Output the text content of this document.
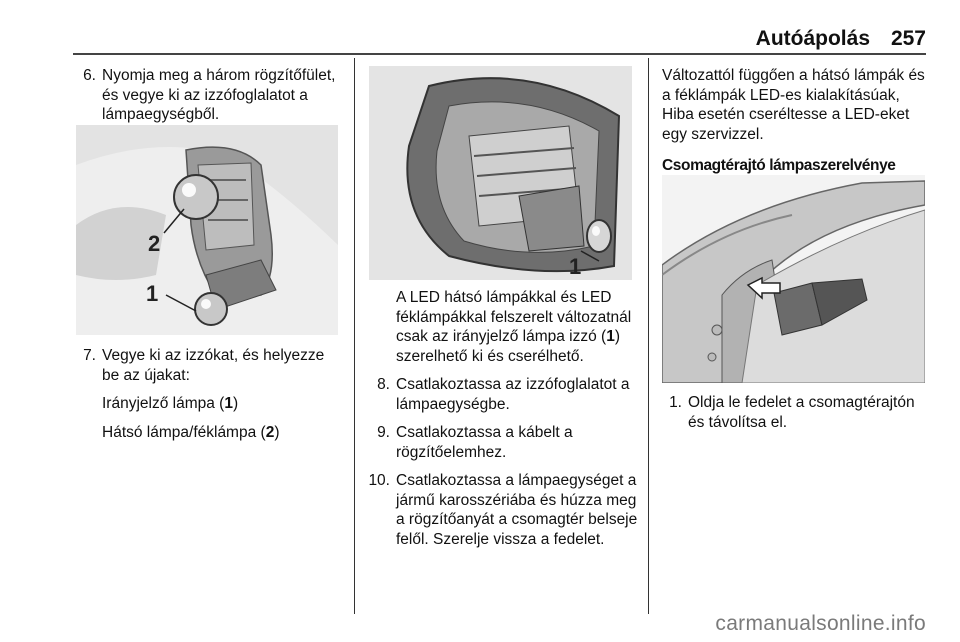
Autóápolás 257
6. Nyomja meg a három rögzítőfület, és vegye ki az izzófoglalatot a lámpaegységből.
2
1
7. Vegye ki az izzókat, és helyezze be az újakat:
Irányjelző lámpa (1)
Hátsó lámpa/féklámpa (2)
1
A LED hátsó lámpákkal és LED féklámpákkal felszerelt változatnál csak az irányjelző lámpa izzó (1) szerelhető ki és cserélhető.
8. Csatlakoztassa az izzófoglalatot a lámpaegységbe.
9. Csatlakoztassa a kábelt a rögzítőelemhez.
10. Csatlakoztassa a lámpaegységet a jármű karosszériába és húzza meg a rögzítőanyát a csomagtér belseje felől. Szerelje vissza a fedelet.
Változattól függően a hátsó lámpák és a féklámpák LED-es kialakításúak, Hiba esetén cseréltesse a LED-eket egy szervizzel.
Csomagtérajtó lámpaszerelvénye
1. Oldja le fedelet a csomagtérajtón és távolítsa el.
carmanualsonline.info
